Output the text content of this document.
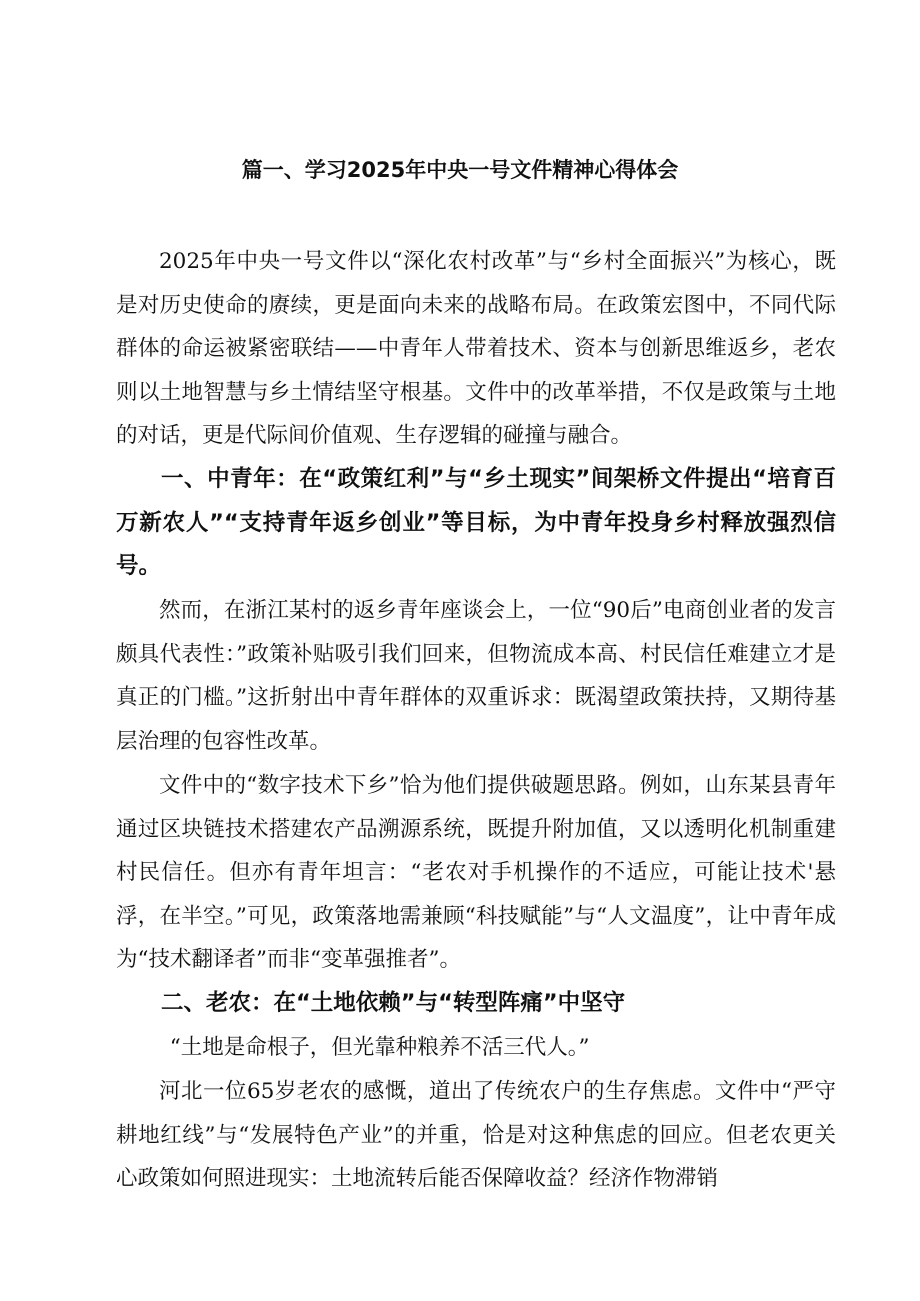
篇一、学习2025年中央一号文件精神心得体会

2025年中央一号文件以“深化农村改革”与“乡村全面振兴”为核心，既是对历史使命的赓续，更是面向未来的战略布局。在政策宏图中，不同代际群体的命运被紧密联结——中青年人带着技术、资本与创新思维返乡，老农则以土地智慧与乡土情结坚守根基。文件中的改革举措，不仅是政策与土地的对话，更是代际间价值观、生存逻辑的碰撞与融合。

一、中青年：在“政策红利”与“乡土现实”间架桥文件提出“培育百万新农人”“支持青年返乡创业”等目标，为中青年投身乡村释放强烈信号。

然而，在浙江某村的返乡青年座谈会上，一位“90后”电商创业者的发言颇具代表性：”政策补贴吸引我们回来，但物流成本高、村民信任难建立才是真正的门槛。”这折射出中青年群体的双重诉求：既渴望政策扶持，又期待基层治理的包容性改革。

文件中的“数字技术下乡”恰为他们提供破题思路。例如，山东某县青年通过区块链技术搭建农产品溯源系统，既提升附加值，又以透明化机制重建村民信任。但亦有青年坦言：“老农对手机操作的不适应，可能让技术'悬浮，在半空。”可见，政策落地需兼顾“科技赋能”与“人文温度”，让中青年成为“技术翻译者”而非“变革强推者”。

二、老农：在“土地依赖”与“转型阵痛”中坚守

“土地是命根子，但光靠种粮养不活三代人。”

河北一位65岁老农的感慨，道出了传统农户的生存焦虑。文件中“严守耕地红线”与“发展特色产业”的并重，恰是对这种焦虑的回应。但老农更关心政策如何照进现实：土地流转后能否保障收益？经济作物滞销
